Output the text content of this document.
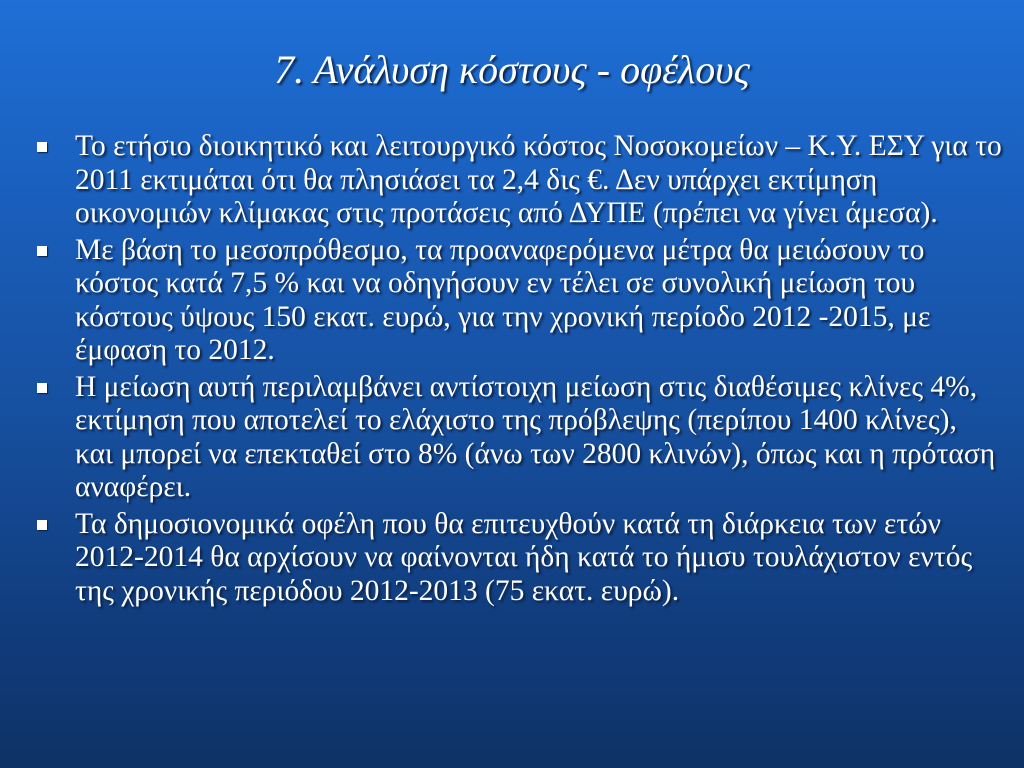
7. Ανάλυση κόστους - οφέλους
Το ετήσιο διοικητικό και λειτουργικό κόστος Νοσοκομείων – Κ.Υ. ΕΣΥ για το 2011 εκτιμάται ότι θα πλησιάσει τα 2,4 δις €. Δεν υπάρχει εκτίμηση οικονομιών κλίμακας στις προτάσεις από ΔΥΠΕ (πρέπει να γίνει άμεσα).
Με βάση το μεσοπρόθεσμο, τα προαναφερόμενα μέτρα θα μειώσουν το κόστος κατά 7,5 % και να οδηγήσουν εν τέλει σε συνολική μείωση του κόστους ύψους 150 εκατ. ευρώ, για την χρονική περίοδο 2012 -2015, με έμφαση το 2012.
Η μείωση αυτή περιλαμβάνει αντίστοιχη μείωση στις διαθέσιμες κλίνες 4%, εκτίμηση που αποτελεί το ελάχιστο της πρόβλεψης (περίπου 1400 κλίνες), και μπορεί να επεκταθεί στο 8% (άνω των 2800 κλινών), όπως και η πρόταση αναφέρει.
Τα δημοσιονομικά οφέλη που θα επιτευχθούν κατά τη διάρκεια των ετών 2012-2014 θα αρχίσουν να φαίνονται ήδη κατά το ήμισυ τουλάχιστον εντός της χρονικής περιόδου 2012-2013 (75 εκατ. ευρώ).
